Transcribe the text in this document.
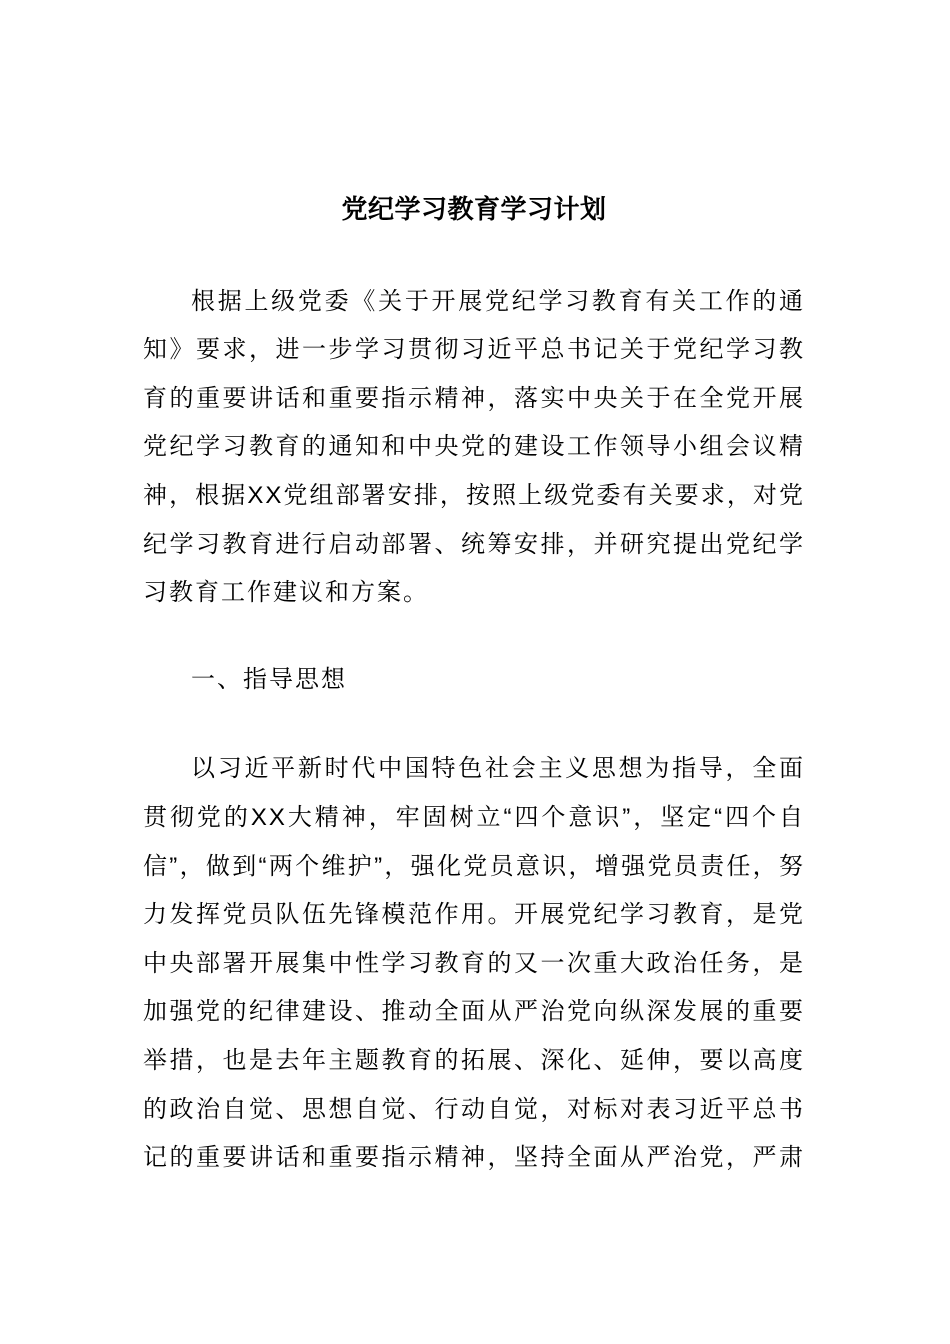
党纪学习教育学习计划
根据上级党委《关于开展党纪学习教育有关工作的通
知》要求，进一步学习贯彻习近平总书记关于党纪学习教
育的重要讲话和重要指示精神，落实中央关于在全党开展
党纪学习教育的通知和中央党的建设工作领导小组会议精
神，根据XX党组部署安排，按照上级党委有关要求，对党
纪学习教育进行启动部署、统筹安排，并研究提出党纪学
习教育工作建议和方案。
一、指导思想
以习近平新时代中国特色社会主义思想为指导，全面
贯彻党的XX大精神，牢固树立“四个意识”，坚定“四个自
信”，做到“两个维护”，强化党员意识，增强党员责任，努
力发挥党员队伍先锋模范作用。开展党纪学习教育，是党
中央部署开展集中性学习教育的又一次重大政治任务，是
加强党的纪律建设、推动全面从严治党向纵深发展的重要
举措，也是去年主题教育的拓展、深化、延伸，要以高度
的政治自觉、思想自觉、行动自觉，对标对表习近平总书
记的重要讲话和重要指示精神，坚持全面从严治党，严肃
